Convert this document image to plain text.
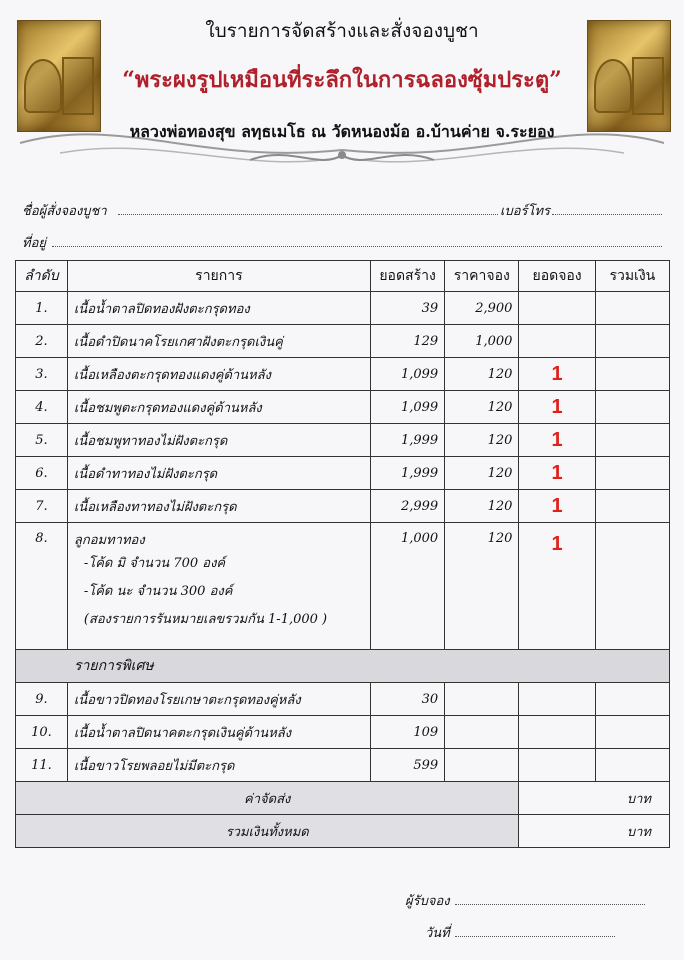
ใบรายการจัดสร้างและสั่งจองบูชา
“พระผงรูปเหมือนที่ระลึกในการฉลองซุ้มประตู”
หลวงพ่อทองสุข ลทฺธเมโธ ณ วัดหนองม้อ อ.บ้านค่าย จ.ระยอง
ชื่อผู้สั่งจองบูชา	เบอร์โทร
ที่อยู่
ลำดับ	รายการ	ยอดสร้าง	ราคาจอง	ยอดจอง	รวมเงิน
1.	เนื้อน้ำตาลปิดทองฝังตะกรุดทอง	39	2,900		
2.	เนื้อดำปิดนาคโรยเกศาฝังตะกรุดเงินคู่	129	1,000		
3.	เนื้อเหลืองตะกรุดทองแดงคู่ด้านหลัง	1,099	120	1	
4.	เนื้อชมพูตะกรุดทองแดงคู่ด้านหลัง	1,099	120	1	
5.	เนื้อชมพูทาทองไม่ฝังตะกรุด	1,999	120	1	
6.	เนื้อดำทาทองไม่ฝังตะกรุด	1,999	120	1	
7.	เนื้อเหลืองทาทองไม่ฝังตะกรุด	2,999	120	1	
8.	ลูกอมทาทอง
-โค้ด มิ จำนวน 700 องค์
-โค้ด นะ จำนวน 300 องค์
(สองรายการรันหมายเลขรวมกัน 1-1,000 )	1,000	120	1	
รายการพิเศษ					
9.	เนื้อขาวปิดทองโรยเกษาตะกรุดทองคู่หลัง	30			
10.	เนื้อน้ำตาลปิดนาคตะกรุดเงินคู่ด้านหลัง	109			
11.	เนื้อขาวโรยพลอยไม่มีตะกรุด	599			
ค่าจัดส่ง				บาท	
รวมเงินทั้งหมด				บาท	
ผู้รับจอง
วันที่
